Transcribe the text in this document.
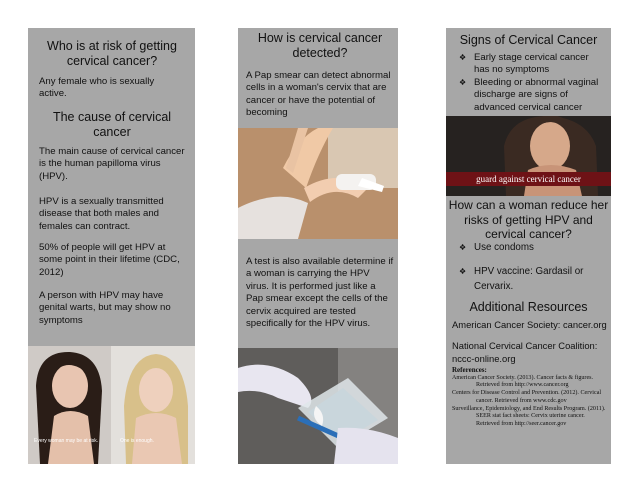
Who is at risk of getting cervical cancer?
Any female who is sexually active.
The cause of cervical cancer
The main cause of cervical cancer is the human papilloma virus (HPV).
HPV is a sexually transmitted disease that both males and females can contract.
50% of people will get HPV at some point in their lifetime (CDC, 2012)
A person with HPV may have genital warts, but may show no symptoms
Every woman may be at risk.	One is enough.
How is cervical cancer detected?
A Pap smear can detect abnormal cells in a woman's cervix that are cancer or have the potential of becoming
A test is also available determine if a woman is carrying the HPV virus. It is performed just like a Pap smear except the cells of the cervix acquired are tested specifically for the HPV virus.
Signs of Cervical Cancer
❖ Early stage cervical cancer has no symptoms
❖ Bleeding or abnormal vaginal discharge are signs of advanced cervical cancer
guard against cervical cancer
How can a woman reduce her risks of getting HPV and cervical cancer?
❖ Use condoms
❖ HPV vaccine: Gardasil or Cervarix.
Additional Resources
American Cancer Society: cancer.org
National Cervical Cancer Coalition: nccc-online.org
References:

American Cancer Society. (2013). Cancer facts & figures. Retrieved from http://www.cancer.org

Centers for Disease Control and Prevention. (2012). Cervical cancer. Retrieved from www.cdc.gov

Surveillance, Epidemiology, and End Results Program. (2011). SEER stat fact sheets: Cervix uterine cancer. Retrieved from http://seer.cancer.gov
